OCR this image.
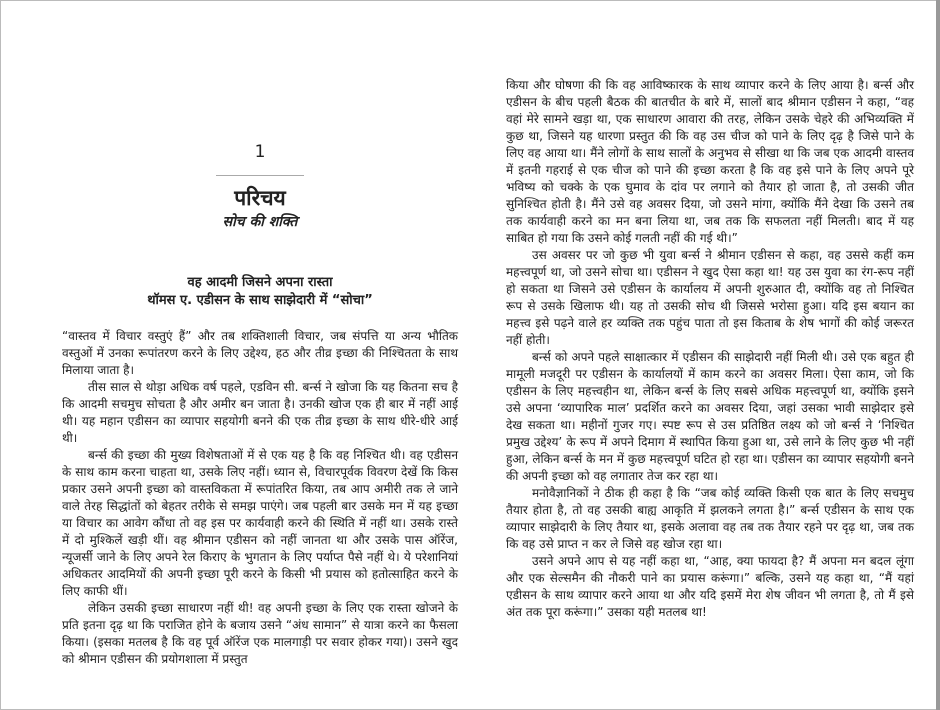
1
परिचय
सोच की शक्ति
वह आदमी जिसने अपना रास्ता
थॉमस ए. एडीसन के साथ साझेदारी में “सोचा”

“वास्तव में विचार वस्तुएं हैं” और तब शक्तिशाली विचार, जब संपत्ति या अन्य भौतिक वस्तुओं में उनका रूपांतरण करने के लिए उद्देश्य, हठ और तीव्र इच्छा की निश्चितता के साथ मिलाया जाता है।

तीस साल से थोड़ा अधिक वर्ष पहले, एडविन सी. बर्न्स ने खोजा कि यह कितना सच है कि आदमी सचमुच सोचता है और अमीर बन जाता है। उनकी खोज एक ही बार में नहीं आई थी। यह महान एडीसन का व्यापार सहयोगी बनने की एक तीव्र इच्छा के साथ धीरे-धीरे आई थी।

बर्न्स की इच्छा की मुख्य विशेषताओं में से एक यह है कि वह निश्चित थी। वह एडीसन के साथ काम करना चाहता था, उसके लिए नहीं। ध्यान से, विचारपूर्वक विवरण देखें कि किस प्रकार उसने अपनी इच्छा को वास्तविकता में रूपांतरित किया, तब आप अमीरी तक ले जाने वाले तेरह सिद्धांतों को बेहतर तरीके से समझ पाएंगे। जब पहली बार उसके मन में यह इच्छा या विचार का आवेग कौंधा तो वह इस पर कार्यवाही करने की स्थिति में नहीं था। उसके रास्ते में दो मुश्किलें खड़ी थीं। वह श्रीमान एडीसन को नहीं जानता था और उसके पास ऑरेंज, न्यूजर्सी जाने के लिए अपने रेल किराए के भुगतान के लिए पर्याप्त पैसे नहीं थे। ये परेशानियां अधिकतर आदमियों की अपनी इच्छा पूरी करने के किसी भी प्रयास को हतोत्साहित करने के लिए काफी थीं।

लेकिन उसकी इच्छा साधारण नहीं थी! वह अपनी इच्छा के लिए एक रास्ता खोजने के प्रति इतना दृढ़ था कि पराजित होने के बजाय उसने “अंध सामान” से यात्रा करने का फैसला किया। (इसका मतलब है कि वह पूर्व ऑरेंज एक मालगाड़ी पर सवार होकर गया)। उसने खुद को श्रीमान एडीसन की प्रयोगशाला में प्रस्तुत

किया और घोषणा की कि वह आविष्कारक के साथ व्यापार करने के लिए आया है। बर्न्स और एडीसन के बीच पहली बैठक की बातचीत के बारे में, सालों बाद श्रीमान एडीसन ने कहा, “वह वहां मेरे सामने खड़ा था, एक साधारण आवारा की तरह, लेकिन उसके चेहरे की अभिव्यक्ति में कुछ था, जिसने यह धारणा प्रस्तुत की कि वह उस चीज को पाने के लिए दृढ़ है जिसे पाने के लिए वह आया था। मैंने लोगों के साथ सालों के अनुभव से सीखा था कि जब एक आदमी वास्तव में इतनी गहराई से एक चीज को पाने की इच्छा करता है कि वह इसे पाने के लिए अपने पूरे भविष्य को चक्के के एक घुमाव के दांव पर लगाने को तैयार हो जाता है, तो उसकी जीत सुनिश्चित होती है। मैंने उसे वह अवसर दिया, जो उसने मांगा, क्योंकि मैंने देखा कि उसने तब तक कार्यवाही करने का मन बना लिया था, जब तक कि सफलता नहीं मिलती। बाद में यह साबित हो गया कि उसने कोई गलती नहीं की गई थी।”

उस अवसर पर जो कुछ भी युवा बर्न्स ने श्रीमान एडीसन से कहा, वह उससे कहीं कम महत्त्वपूर्ण था, जो उसने सोचा था। एडीसन ने खुद ऐसा कहा था! यह उस युवा का रंग-रूप नहीं हो सकता था जिसने उसे एडीसन के कार्यालय में अपनी शुरुआत दी, क्योंकि वह तो निश्चित रूप से उसके खिलाफ थी। यह तो उसकी सोच थी जिससे भरोसा हुआ। यदि इस बयान का महत्त्व इसे पढ़ने वाले हर व्यक्ति तक पहुंच पाता तो इस किताब के शेष भागों की कोई जरूरत नहीं होती।

बर्न्स को अपने पहले साक्षात्कार में एडीसन की साझेदारी नहीं मिली थी। उसे एक बहुत ही मामूली मजदूरी पर एडीसन के कार्यालयों में काम करने का अवसर मिला। ऐसा काम, जो कि एडीसन के लिए महत्त्वहीन था, लेकिन बर्न्स के लिए सबसे अधिक महत्त्वपूर्ण था, क्योंकि इसने उसे अपना ‘व्यापारिक माल’ प्रदर्शित करने का अवसर दिया, जहां उसका भावी साझेदार इसे देख सकता था। महीनों गुजर गए। स्पष्ट रूप से उस प्रतिष्ठित लक्ष्य को जो बर्न्स ने ‘निश्चित प्रमुख उद्देश्य’ के रूप में अपने दिमाग में स्थापित किया हुआ था, उसे लाने के लिए कुछ भी नहीं हुआ, लेकिन बर्न्स के मन में कुछ महत्त्वपूर्ण घटित हो रहा था। एडीसन का व्यापार सहयोगी बनने की अपनी इच्छा को वह लगातार तेज कर रहा था।

मनोवैज्ञानिकों ने ठीक ही कहा है कि “जब कोई व्यक्ति किसी एक बात के लिए सचमुच तैयार होता है, तो वह उसकी बाह्य आकृति में झलकने लगता है।” बर्न्स एडीसन के साथ एक व्यापार साझेदारी के लिए तैयार था, इसके अलावा वह तब तक तैयार रहने पर दृढ़ था, जब तक कि वह उसे प्राप्त न कर ले जिसे वह खोज रहा था।

उसने अपने आप से यह नहीं कहा था, “आह, क्या फायदा है? मैं अपना मन बदल लूंगा और एक सेल्समैन की नौकरी पाने का प्रयास करूंगा।” बल्कि, उसने यह कहा था, “मैं यहां एडीसन के साथ व्यापार करने आया था और यदि इसमें मेरा शेष जीवन भी लगता है, तो मैं इसे अंत तक पूरा करूंगा।” उसका यही मतलब था!
